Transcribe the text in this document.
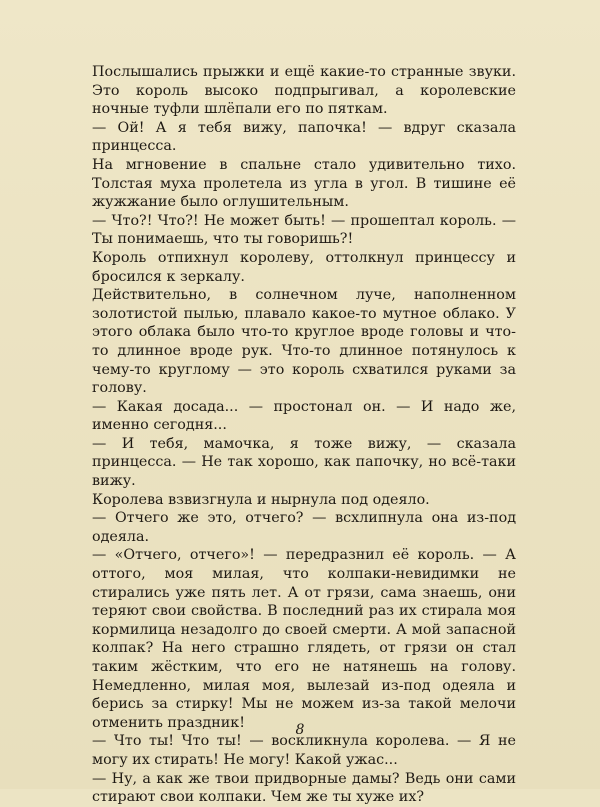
Послышались прыжки и ещё какие-то странные звуки. Это король высоко подпрыгивал, а королевские ночные туфли шлёпали его по пяткам.

— Ой! А я тебя вижу, папочка! — вдруг сказала принцесса.

На мгновение в спальне стало удивительно тихо. Толстая муха пролетела из угла в угол. В тишине её жужжание было оглушительным.

— Что?! Что?! Не может быть! — прошептал король. — Ты понимаешь, что ты говоришь?!

Король отпихнул королеву, оттолкнул принцессу и бросился к зеркалу.

Действительно, в солнечном луче, наполненном золотистой пылью, плавало какое-то мутное облако. У этого облака было что-то круглое вроде головы и что-то длинное вроде рук. Что-то длинное потянулось к чему-то круглому — это король схватился руками за голову.

— Какая досада... — простонал он. — И надо же, именно сегодня...

— И тебя, мамочка, я тоже вижу, — сказала принцесса. — Не так хорошо, как папочку, но всё-таки вижу.

Королева взвизгнула и нырнула под одеяло.

— Отчего же это, отчего? — всхлипнула она из-под одеяла.

— «Отчего, отчего»! — передразнил её король. — А оттого, моя милая, что колпаки-невидимки не стирались уже пять лет. А от грязи, сама знаешь, они теряют свои свойства. В последний раз их стирала моя кормилица незадолго до своей смерти. А мой запасной колпак? На него страшно глядеть, от грязи он стал таким жёстким, что его не натянешь на голову. Немедленно, милая моя, вылезай из-под одеяла и берись за стирку! Мы не можем из-за такой мелочи отменить праздник!

— Что ты! Что ты! — воскликнула королева. — Я не могу их стирать! Не могу! Какой ужас...

— Ну, а как же твои придворные дамы? Ведь они сами стирают свои колпаки. Чем же ты хуже их?

8
